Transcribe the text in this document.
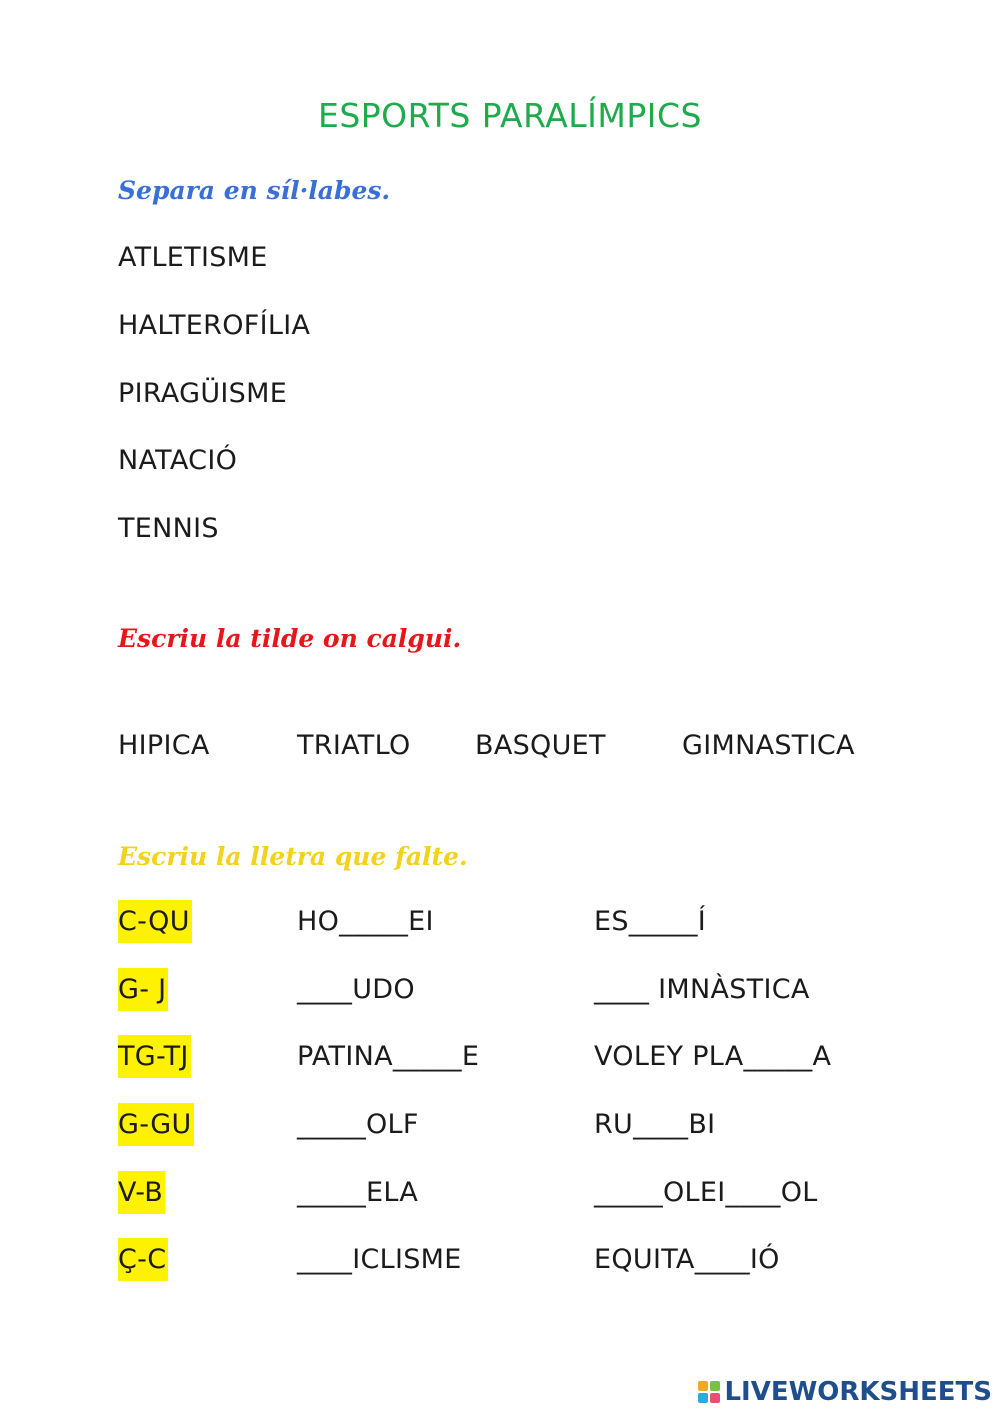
ESPORTS PARALÍMPICS
Separa en síl·labes.
ATLETISME
HALTEROFÍLIA
PIRAGÜISME
NATACIÓ
TENNIS
Escriu la tilde on calgui.
HIPICA	TRIATLO BASQUET	GIMNASTICA
Escriu la lletra que falte.
C-QU	HO_____EI	ES_____Í
G- J	____UDO	____ IMNÀSTICA
TG-TJ	PATINA_____E	VOLEY PLA_____A
G-GU	_____OLF	RU____BI
V-B	_____ELA	_____OLEI____OL
Ç-C	____ICLISME	EQUITA____IÓ
LIVEWORKSHEETS
